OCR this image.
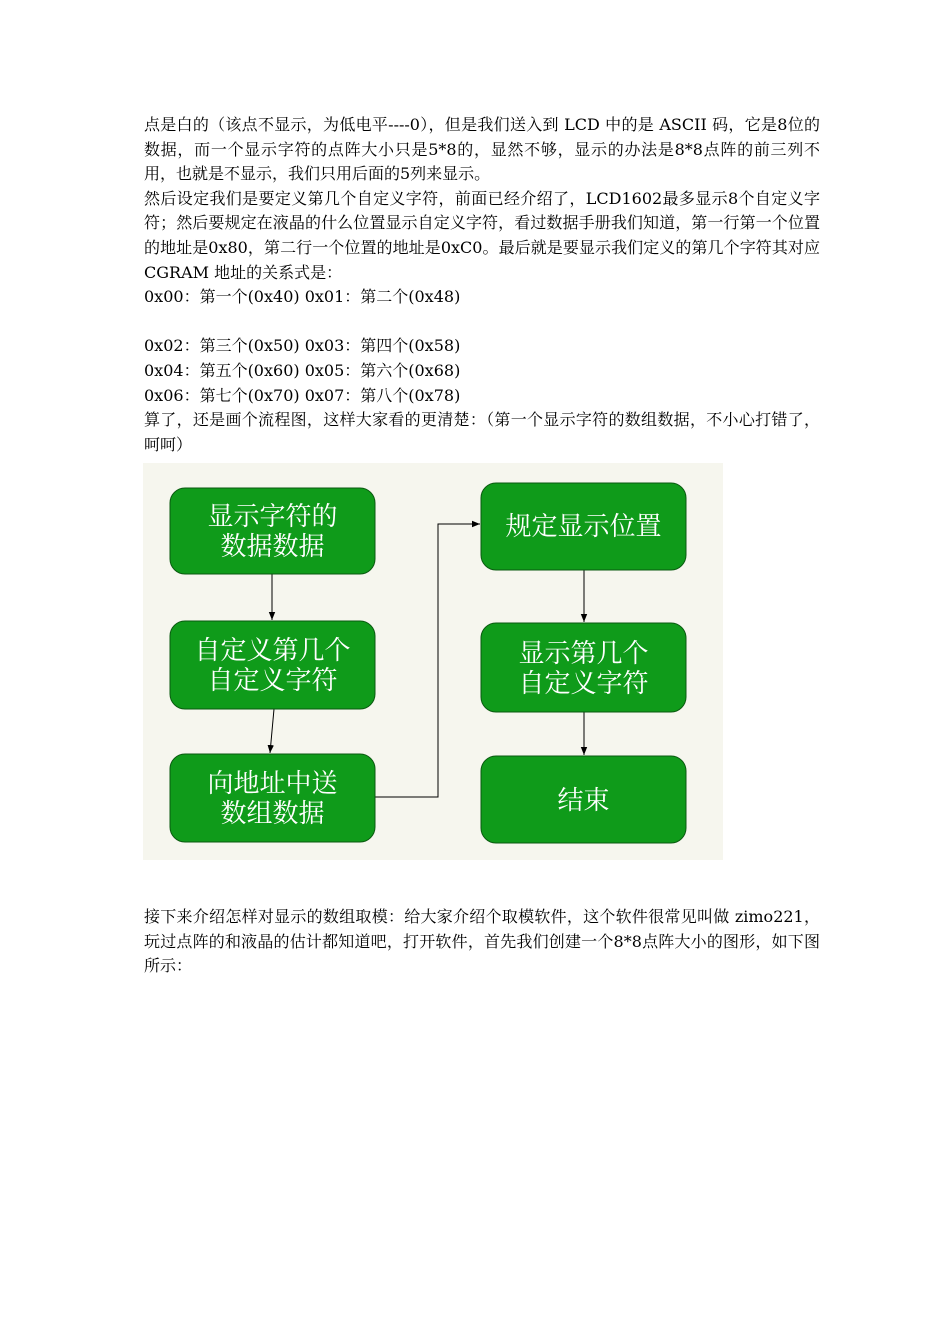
点是白的（该点不显示，为低电平----0），但是我们送入到 LCD 中的是 ASCII 码，它是8位的数据，而一个显示字符的点阵大小只是5*8的，显然不够，显示的办法是8*8点阵的前三列不用，也就是不显示，我们只用后面的5列来显示。

然后设定我们是要定义第几个自定义字符，前面已经介绍了，LCD1602最多显示8个自定义字符；然后要规定在液晶的什么位置显示自定义字符，看过数据手册我们知道，第一行第一个位置的地址是0x80，第二行一个位置的地址是0xC0。最后就是要显示我们定义的第几个字符其对应 CGRAM 地址的关系式是：

0x00：第一个(0x40) 0x01：第二个(0x48)

0x02：第三个(0x50) 0x03：第四个(0x58)

0x04：第五个(0x60) 0x05：第六个(0x68)

0x06：第七个(0x70) 0x07：第八个(0x78)

算了，还是画个流程图，这样大家看的更清楚：（第一个显示字符的数组数据，不小心打错了，呵呵）

显示字符的
数据数据
自定义第几个
自定义字符
向地址中送
数组数据
规定显示位置
显示第几个
自定义字符
结束

接下来介绍怎样对显示的数组取模：给大家介绍个取模软件，这个软件很常见叫做 zimo221，玩过点阵的和液晶的估计都知道吧，打开软件，首先我们创建一个8*8点阵大小的图形，如下图所示：
